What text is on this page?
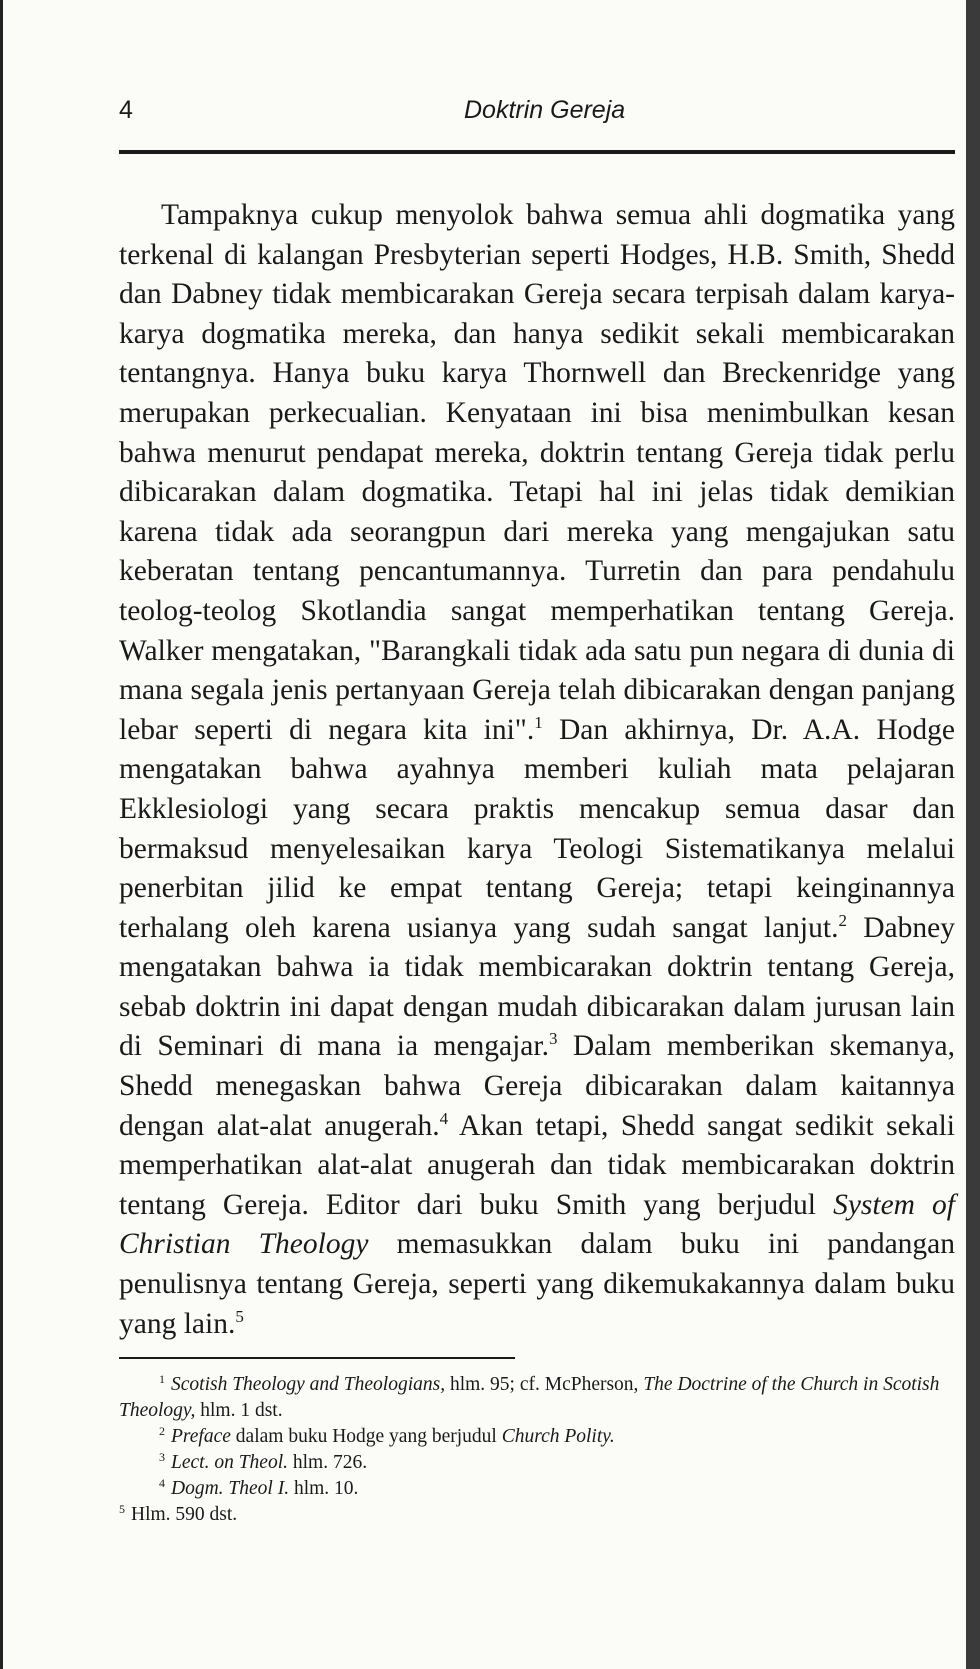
4	Doktrin Gereja

Tampaknya cukup menyolok bahwa semua ahli dogmatika yang terkenal di kalangan Presbyterian seperti Hodges, H.B. Smith, Shedd dan Dabney tidak membicarakan Gereja secara terpisah dalam karya-karya dogmatika mereka, dan hanya sedikit sekali membicarakan tentangnya. Hanya buku karya Thornwell dan Breckenridge yang merupakan perkecualian. Kenyataan ini bisa menimbulkan kesan bahwa menurut pendapat mereka, doktrin tentang Gereja tidak perlu dibicarakan dalam dogmatika. Tetapi hal ini jelas tidak demikian karena tidak ada seorangpun dari mereka yang mengajukan satu keberatan tentang pencantumannya. Turretin dan para pendahulu teolog-teolog Skotlandia sangat memperhatikan tentang Gereja. Walker mengatakan, "Barangkali tidak ada satu pun negara di dunia di mana segala jenis pertanyaan Gereja telah dibicarakan dengan panjang lebar seperti di negara kita ini".$^1$ Dan akhirnya, Dr. A.A. Hodge mengatakan bahwa ayahnya memberi kuliah mata pelajaran Ekklesiologi yang secara praktis mencakup semua dasar dan bermaksud menyelesaikan karya Teologi Sistematikanya melalui penerbitan jilid ke empat tentang Gereja; tetapi keinginannya terhalang oleh karena usianya yang sudah sangat lanjut.$^2$ Dabney mengatakan bahwa ia tidak membicarakan doktrin tentang Gereja, sebab doktrin ini dapat dengan mudah dibicarakan dalam jurusan lain di Seminari di mana ia mengajar.$^3$ Dalam memberikan skemanya, Shedd menegaskan bahwa Gereja dibicarakan dalam kaitannya dengan alat-alat anugerah.$^4$ Akan tetapi, Shedd sangat sedikit sekali memperhatikan alat-alat anugerah dan tidak membicarakan doktrin tentang Gereja. Editor dari buku Smith yang berjudul System of Christian Theology memasukkan dalam buku ini pandangan penulisnya tentang Gereja, seperti yang dikemukakannya dalam buku yang lain.$^5$

$^1$ Scotish Theology and Theologians, hlm. 95; cf. McPherson, The Doctrine of the Church in Scotish Theology, hlm. 1 dst.

$^2$ Preface dalam buku Hodge yang berjudul Church Polity.

$^3$ Lect. on Theol. hlm. 726.

$^4$ Dogm. Theol I. hlm. 10.

$^5$ Hlm. 590 dst.
